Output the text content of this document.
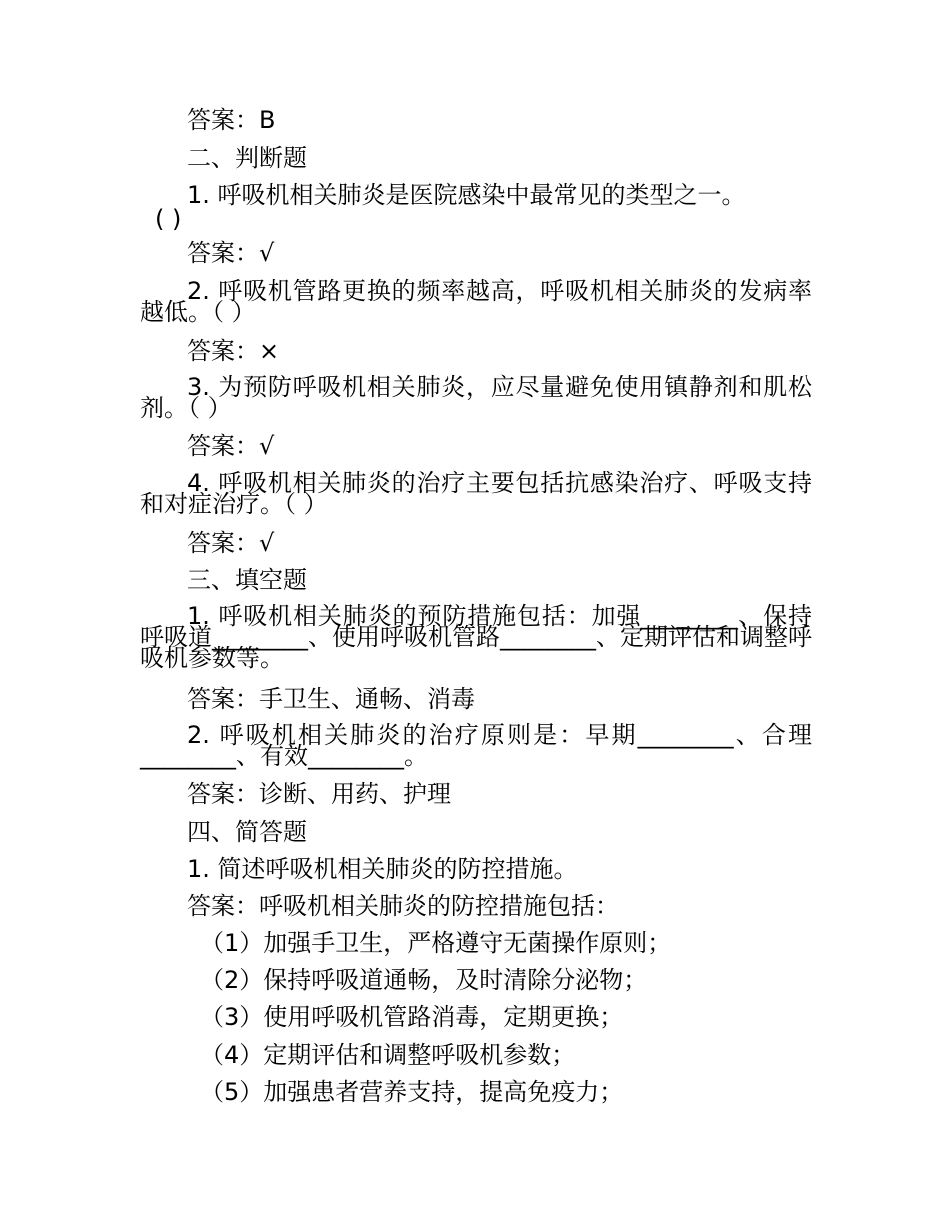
答案：B
二、判断题
1. 呼吸机相关肺炎是医院感染中最常见的类型之一。
( )
答案：√
2. 呼吸机管路更换的频率越高，呼吸机相关肺炎的发病率越低。（ ）
答案：×
3. 为预防呼吸机相关肺炎，应尽量避免使用镇静剂和肌松剂。（ ）
答案：√
4. 呼吸机相关肺炎的治疗主要包括抗感染治疗、呼吸支持和对症治疗。（ ）
答案：√
三、填空题
1. 呼吸机相关肺炎的预防措施包括：加强________、保持呼吸道________、使用呼吸机管路________、定期评估和调整呼吸机参数等。
答案：手卫生、通畅、消毒
2. 呼吸机相关肺炎的治疗原则是：早期________、合理________、有效________。
答案：诊断、用药、护理
四、简答题
1. 简述呼吸机相关肺炎的防控措施。
答案：呼吸机相关肺炎的防控措施包括：
（1）加强手卫生，严格遵守无菌操作原则；
（2）保持呼吸道通畅，及时清除分泌物；
（3）使用呼吸机管路消毒，定期更换；
（4）定期评估和调整呼吸机参数；
（5）加强患者营养支持，提高免疫力；
